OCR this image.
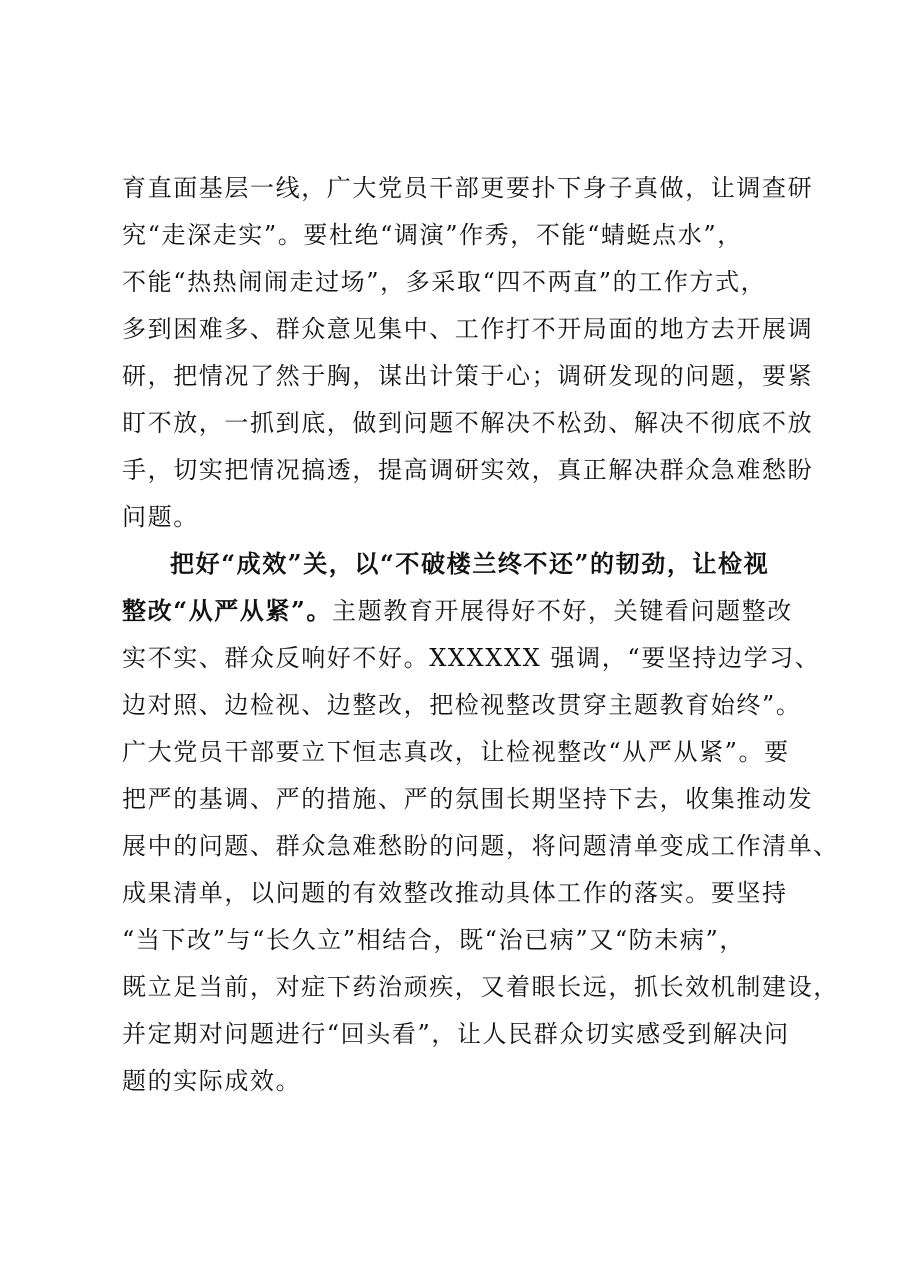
育直面基层一线，广大党员干部更要扑下身子真做，让调查研
究“走深走实”。要杜绝“调演”作秀，不能“蜻蜓点水”，
不能“热热闹闹走过场”，多采取“四不两直”的工作方式，
多到困难多、群众意见集中、工作打不开局面的地方去开展调
研，把情况了然于胸，谋出计策于心；调研发现的问题，要紧
盯不放，一抓到底，做到问题不解决不松劲、解决不彻底不放
手，切实把情况搞透，提高调研实效，真正解决群众急难愁盼
问题。
把好“成效”关，以“不破楼兰终不还”的韧劲，让检视
整改“从严从紧”。主题教育开展得好不好，关键看问题整改
实不实、群众反响好不好。XXXXXX 强调，“要坚持边学习、
边对照、边检视、边整改，把检视整改贯穿主题教育始终”。
广大党员干部要立下恒志真改，让检视整改“从严从紧”。要
把严的基调、严的措施、严的氛围长期坚持下去，收集推动发
展中的问题、群众急难愁盼的问题，将问题清单变成工作清单、
成果清单，以问题的有效整改推动具体工作的落实。要坚持
“当下改”与“长久立”相结合，既“治已病”又“防未病”，
既立足当前，对症下药治顽疾，又着眼长远，抓长效机制建设，
并定期对问题进行“回头看”，让人民群众切实感受到解决问
题的实际成效。
